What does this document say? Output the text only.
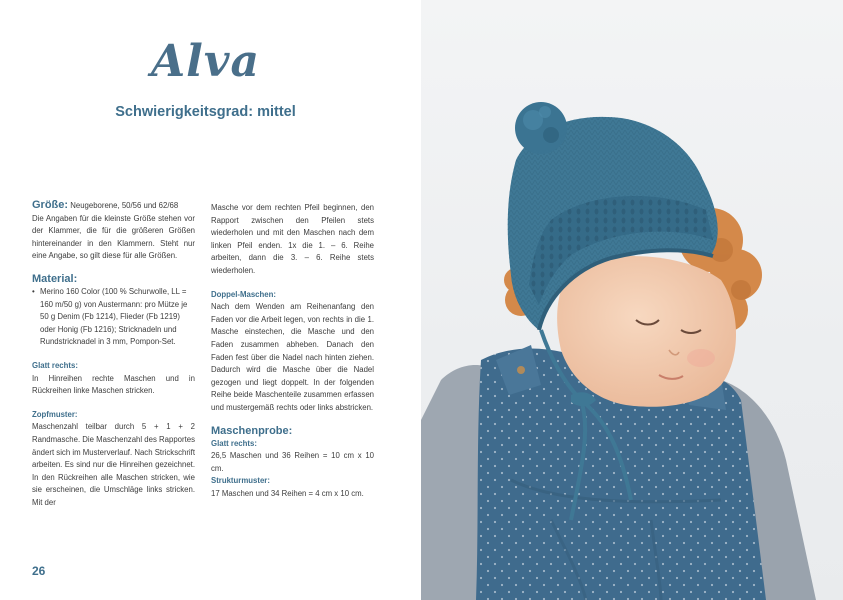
Alva
Schwierigkeitsgrad: mittel

Größe: Neugeborene, 50/56 und 62/68

Die Angaben für die kleinste Größe stehen vor der Klammer, die für die größeren Größen hintereinander in den Klammern. Steht nur eine Angabe, so gilt diese für alle Größen.

Material:
• Merino 160 Color (100 % Schurwolle, LL = 160 m/50 g) von Austermann: pro Mütze je 50 g Denim (Fb 1214), Flieder (Fb 1219) oder Honig (Fb 1216); Stricknadeln und Rundstricknadel in 3 mm, Pompon-Set.
Glatt rechts:

In Hinreihen rechte Maschen und in Rückreihen linke Maschen stricken.

Zopfmuster:

Maschenzahl teilbar durch 5 + 1 + 2 Randmasche. Die Maschenzahl des Rapportes ändert sich im Musterverlauf. Nach Strickschrift arbeiten. Es sind nur die Hinreihen gezeichnet. In den Rückreihen alle Maschen stricken, wie sie erscheinen, die Umschläge links stricken. Mit der

Masche vor dem rechten Pfeil beginnen, den Rapport zwischen den Pfeilen stets wiederholen und mit den Maschen nach dem linken Pfeil enden. 1x die 1. – 6. Reihe arbeiten, dann die 3. – 6. Reihe stets wiederholen.

Doppel-Maschen:

Nach dem Wenden am Reihenanfang den Faden vor die Arbeit legen, von rechts in die 1. Masche einstechen, die Masche und den Faden zusammen abheben. Danach den Faden fest über die Nadel nach hinten ziehen. Dadurch wird die Masche über die Nadel gezogen und liegt doppelt. In der folgenden Reihe beide Maschenteile zusammen erfassen und mustergemäß rechts oder links abstricken.

Maschenprobe:
Glatt rechts:

26,5 Maschen und 36 Reihen = 10 cm x 10 cm.

Strukturmuster:

17 Maschen und 34 Reihen = 4 cm x 10 cm.

26
